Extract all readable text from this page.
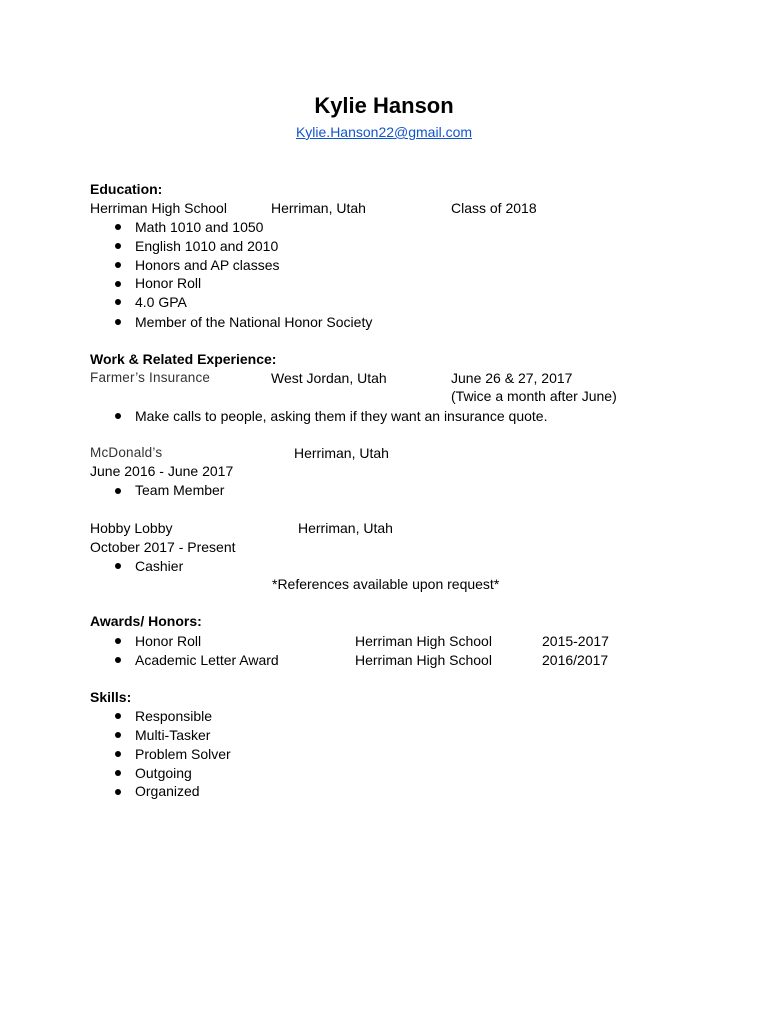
Kylie Hanson
Kylie.Hanson22@gmail.com
Education:
Herriman High School	Herriman, Utah	Class of 2018
Math 1010 and 1050
English 1010 and 2010
Honors and AP classes
Honor Roll
4.0 GPA
Member of the National Honor Society
Work & Related Experience:
Farmer’s Insurance	West Jordan, Utah	June 26 & 27, 2017
(Twice a month after June)
Make calls to people, asking them if they want an insurance quote.
McDonald’s	Herriman, Utah
June 2016 - June 2017
Team Member
Hobby Lobby	Herriman, Utah
October 2017 - Present
Cashier
*References available upon request*
Awards/ Honors:
Honor Roll	Herriman High School	2015-2017
Academic Letter Award	Herriman High School	2016/2017
Skills:
Responsible
Multi-Tasker
Problem Solver
Outgoing
Organized
